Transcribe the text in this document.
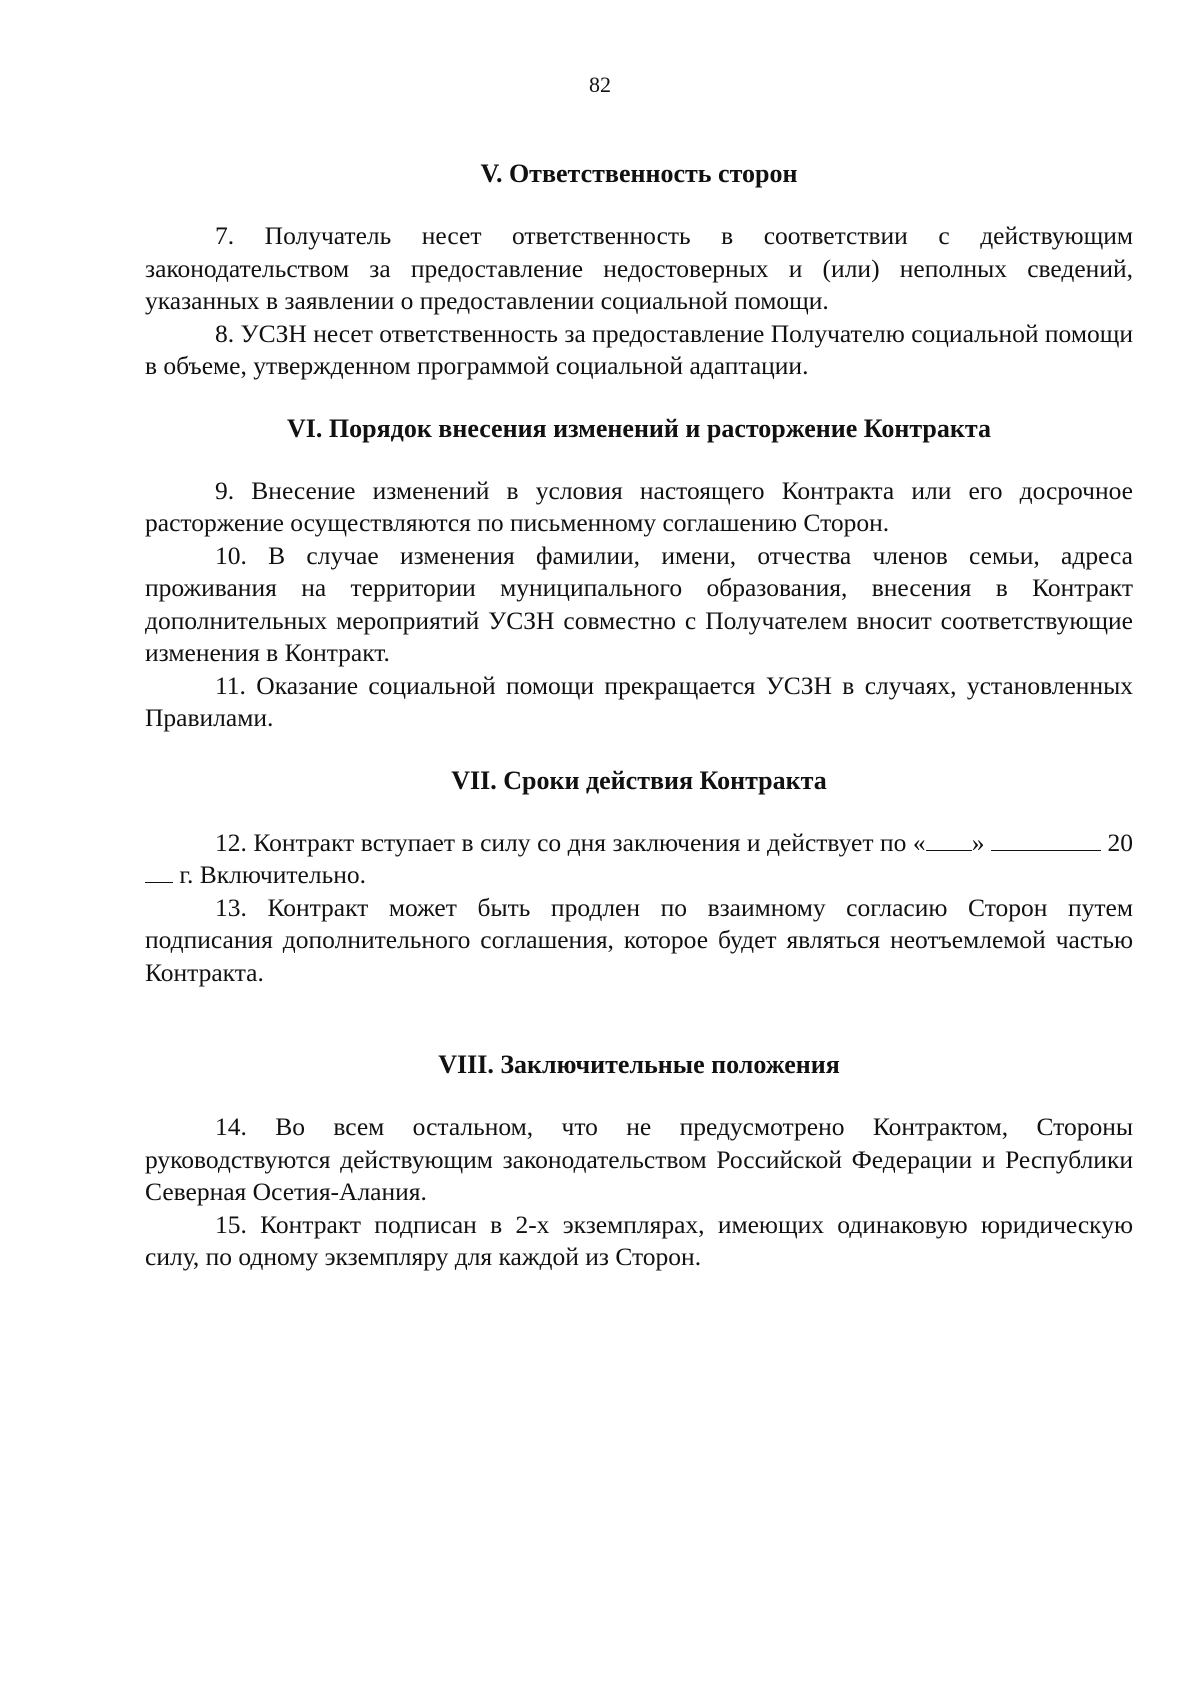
82
V. Ответственность сторон

7. Получатель несет ответственность в соответствии с действующим законодательством за предоставление недостоверных и (или) неполных сведений, указанных в заявлении о предоставлении социальной помощи.

8. УСЗН несет ответственность за предоставление Получателю социальной помощи в объеме, утвержденном программой социальной адаптации.

VI. Порядок внесения изменений и расторжение Контракта

9. Внесение изменений в условия настоящего Контракта или его досрочное расторжение осуществляются по письменному соглашению Сторон.

10. В случае изменения фамилии, имени, отчества членов семьи, адреса проживания на территории муниципального образования, внесения в Контракт дополнительных мероприятий УСЗН совместно с Получателем вносит соответствующие изменения в Контракт.

11. Оказание социальной помощи прекращается УСЗН в случаях, установленных Правилами.

VII. Сроки действия Контракта

12. Контракт вступает в силу со дня заключения и действует по « »	20 г. Включительно.

13. Контракт может быть продлен по взаимному согласию Сторон путем подписания дополнительного соглашения, которое будет являться неотъемлемой частью Контракта.

VIII. Заключительные положения

14. Во всем остальном, что не предусмотрено Контрактом, Стороны руководствуются действующим законодательством Российской Федерации и Республики Северная Осетия-Алания.

15. Контракт подписан в 2-х экземплярах, имеющих одинаковую юридическую силу, по одному экземпляру для каждой из Сторон.
